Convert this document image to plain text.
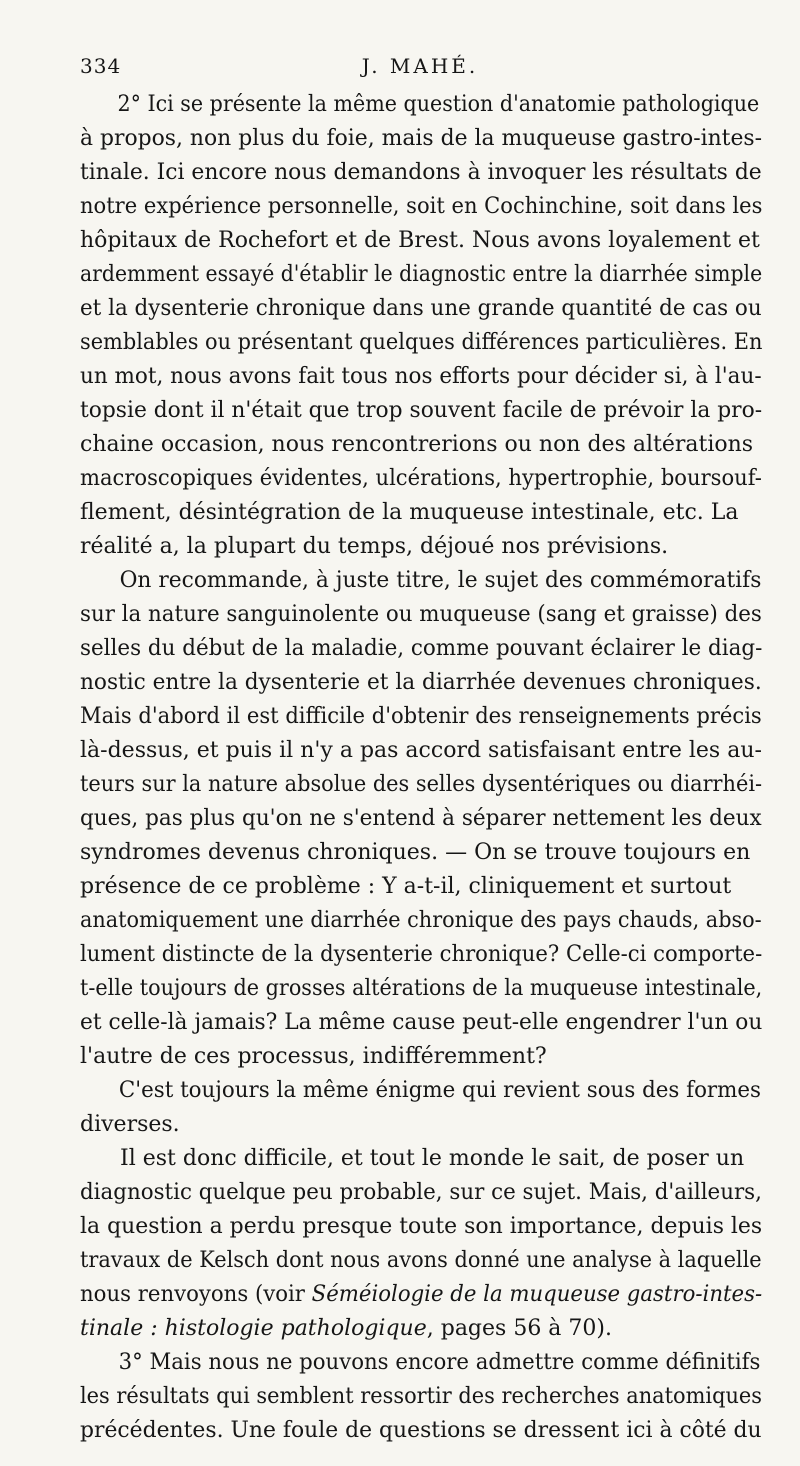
334	J. MAHÉ.

2° Ici se présente la même question d'anatomie pathologique
à propos, non plus du foie, mais de la muqueuse gastro-intes-
tinale. Ici encore nous demandons à invoquer les résultats de
notre expérience personnelle, soit en Cochinchine, soit dans les
hôpitaux de Rochefort et de Brest. Nous avons loyalement et
ardemment essayé d'établir le diagnostic entre la diarrhée simple
et la dysenterie chronique dans une grande quantité de cas ou
semblables ou présentant quelques différences particulières. En
un mot, nous avons fait tous nos efforts pour décider si, à l'au-
topsie dont il n'était que trop souvent facile de prévoir la pro-
chaine occasion, nous rencontrerions ou non des altérations
macroscopiques évidentes, ulcérations, hypertrophie, boursouf-
flement, désintégration de la muqueuse intestinale, etc. La
réalité a, la plupart du temps, déjoué nos prévisions.

On recommande, à juste titre, le sujet des commémoratifs
sur la nature sanguinolente ou muqueuse (sang et graisse) des
selles du début de la maladie, comme pouvant éclairer le diag-
nostic entre la dysenterie et la diarrhée devenues chroniques.
Mais d'abord il est difficile d'obtenir des renseignements précis
là-dessus, et puis il n'y a pas accord satisfaisant entre les au-
teurs sur la nature absolue des selles dysentériques ou diarrhéi-
ques, pas plus qu'on ne s'entend à séparer nettement les deux
syndromes devenus chroniques. — On se trouve toujours en
présence de ce problème : Y a-t-il, cliniquement et surtout
anatomiquement une diarrhée chronique des pays chauds, abso-
lument distincte de la dysenterie chronique? Celle-ci comporte-
t-elle toujours de grosses altérations de la muqueuse intestinale,
et celle-là jamais? La même cause peut-elle engendrer l'un ou
l'autre de ces processus, indifféremment?

C'est toujours la même énigme qui revient sous des formes
diverses.

Il est donc difficile, et tout le monde le sait, de poser un
diagnostic quelque peu probable, sur ce sujet. Mais, d'ailleurs,
la question a perdu presque toute son importance, depuis les
travaux de Kelsch dont nous avons donné une analyse à laquelle
nous renvoyons (voir Séméiologie de la muqueuse gastro-intes-
tinale : histologie pathologique, pages 56 à 70).

3° Mais nous ne pouvons encore admettre comme définitifs
les résultats qui semblent ressortir des recherches anatomiques
précédentes. Une foule de questions se dressent ici à côté du
